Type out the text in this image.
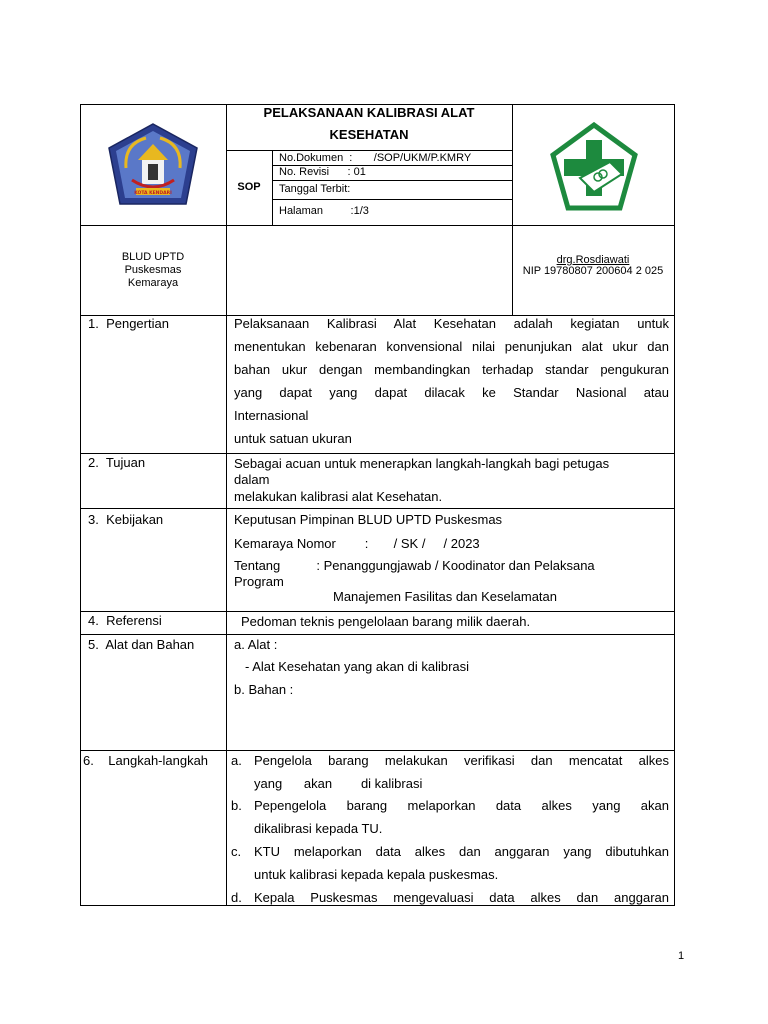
KOTA KENDARI
PELAKSANAAN KALIBRASI ALAT
KESEHATAN
SOP
No.Dokumen  :       /SOP/UKM/P.KMRY
No. Revisi      : 01
Tanggal Terbit:
Halaman         :1/3
BLUD UPTD
Puskesmas
Kemaraya
drg.Rosdiawati
NIP 19780807 200604 2 025
1.  Pengertian	Pelaksanaan Kalibrasi Alat Kesehatan adalah kegiatan untuk
menentukan kebenaran konvensional nilai penunjukan alat ukur dan
bahan ukur dengan membandingkan terhadap standar pengukuran
yang dapat yang dapat dilacak ke Standar Nasional atau
Internasional
untuk satuan ukuran
2.  Tujuan	Sebagai acuan untuk menerapkan langkah-langkah bagi petugas
dalam
melakukan kalibrasi alat Kesehatan.
3.  Kebijakan	Keputusan Pimpinan BLUD UPTD Puskesmas
Kemaraya Nomor        :       / SK /     / 2023
Tentang          : Penanggungjawab / Koodinator dan Pelaksana
Program
Manajemen Fasilitas dan Keselamatan
4.  Referensi	Pedoman teknis pengelolaan barang milik daerah.
5.  Alat dan Bahan	a. Alat :
- Alat Kesehatan yang akan di kalibrasi
b. Bahan :
6.    Langkah-langkah a. Pengelola barang melakukan verifikasi dan mencatat alkes
yang      akan        di kalibrasi
b. Pepengelola barang melaporkan data alkes yang akan
dikalibrasi kepada TU.
c. KTU melaporkan data alkes dan anggaran yang dibutuhkan
untuk kalibrasi kepada kepala puskesmas.
d. Kepala Puskesmas mengevaluasi data alkes dan anggaran
1
